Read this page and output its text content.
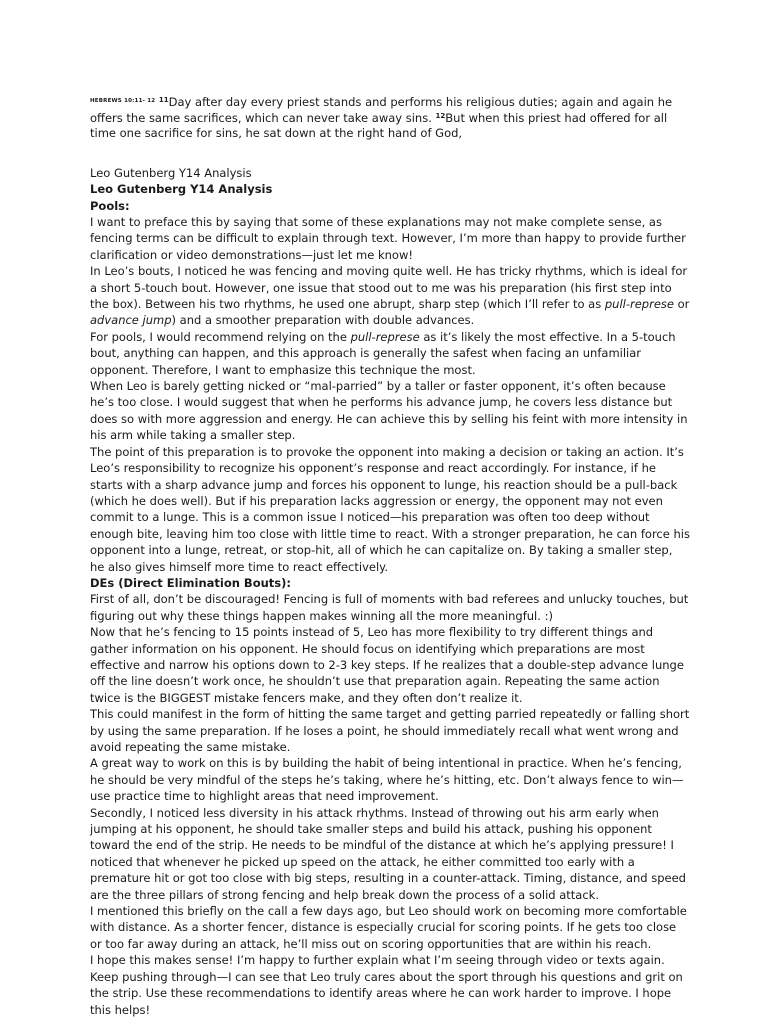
$^{HEBREWS 10:11- 12}$ $^{11}$Day after day every priest stands and performs his religious duties; again and again he offers the same sacrifices, which can never take away sins. $^{12}$But when this priest had offered for all time one sacrifice for sins, he sat down at the right hand of God,

Leo Gutenberg Y14 Analysis
Leo Gutenberg Y14 Analysis
Pools:

I want to preface this by saying that some of these explanations may not make complete sense, as fencing terms can be difficult to explain through text. However, I’m more than happy to provide further clarification or video demonstrations—just let me know!

In Leo’s bouts, I noticed he was fencing and moving quite well. He has tricky rhythms, which is ideal for a short 5-touch bout. However, one issue that stood out to me was his preparation (his first step into the box). Between his two rhythms, he used one abrupt, sharp step (which I’ll refer to as pull-represe or advance jump) and a smoother preparation with double advances.

For pools, I would recommend relying on the pull-represe as it’s likely the most effective. In a 5-touch bout, anything can happen, and this approach is generally the safest when facing an unfamiliar opponent. Therefore, I want to emphasize this technique the most.

When Leo is barely getting nicked or “mal-parried” by a taller or faster opponent, it’s often because he’s too close. I would suggest that when he performs his advance jump, he covers less distance but does so with more aggression and energy. He can achieve this by selling his feint with more intensity in his arm while taking a smaller step.

The point of this preparation is to provoke the opponent into making a decision or taking an action. It’s Leo’s responsibility to recognize his opponent’s response and react accordingly. For instance, if he starts with a sharp advance jump and forces his opponent to lunge, his reaction should be a pull-back (which he does well). But if his preparation lacks aggression or energy, the opponent may not even commit to a lunge. This is a common issue I noticed—his preparation was often too deep without enough bite, leaving him too close with little time to react. With a stronger preparation, he can force his opponent into a lunge, retreat, or stop-hit, all of which he can capitalize on. By taking a smaller step, he also gives himself more time to react effectively.

DEs (Direct Elimination Bouts):

First of all, don’t be discouraged! Fencing is full of moments with bad referees and unlucky touches, but figuring out why these things happen makes winning all the more meaningful. :)

Now that he’s fencing to 15 points instead of 5, Leo has more flexibility to try different things and gather information on his opponent. He should focus on identifying which preparations are most effective and narrow his options down to 2-3 key steps. If he realizes that a double-step advance lunge off the line doesn’t work once, he shouldn’t use that preparation again. Repeating the same action twice is the BIGGEST mistake fencers make, and they often don’t realize it.

This could manifest in the form of hitting the same target and getting parried repeatedly or falling short by using the same preparation. If he loses a point, he should immediately recall what went wrong and avoid repeating the same mistake.

A great way to work on this is by building the habit of being intentional in practice. When he’s fencing, he should be very mindful of the steps he’s taking, where he’s hitting, etc. Don’t always fence to win—use practice time to highlight areas that need improvement.

Secondly, I noticed less diversity in his attack rhythms. Instead of throwing out his arm early when jumping at his opponent, he should take smaller steps and build his attack, pushing his opponent toward the end of the strip. He needs to be mindful of the distance at which he’s applying pressure! I noticed that whenever he picked up speed on the attack, he either committed too early with a premature hit or got too close with big steps, resulting in a counter-attack. Timing, distance, and speed are the three pillars of strong fencing and help break down the process of a solid attack.

I mentioned this briefly on the call a few days ago, but Leo should work on becoming more comfortable with distance. As a shorter fencer, distance is especially crucial for scoring points. If he gets too close or too far away during an attack, he’ll miss out on scoring opportunities that are within his reach.

I hope this makes sense! I’m happy to further explain what I’m seeing through video or texts again. Keep pushing through—I can see that Leo truly cares about the sport through his questions and grit on the strip. Use these recommendations to identify areas where he can work harder to improve. I hope this helps!
